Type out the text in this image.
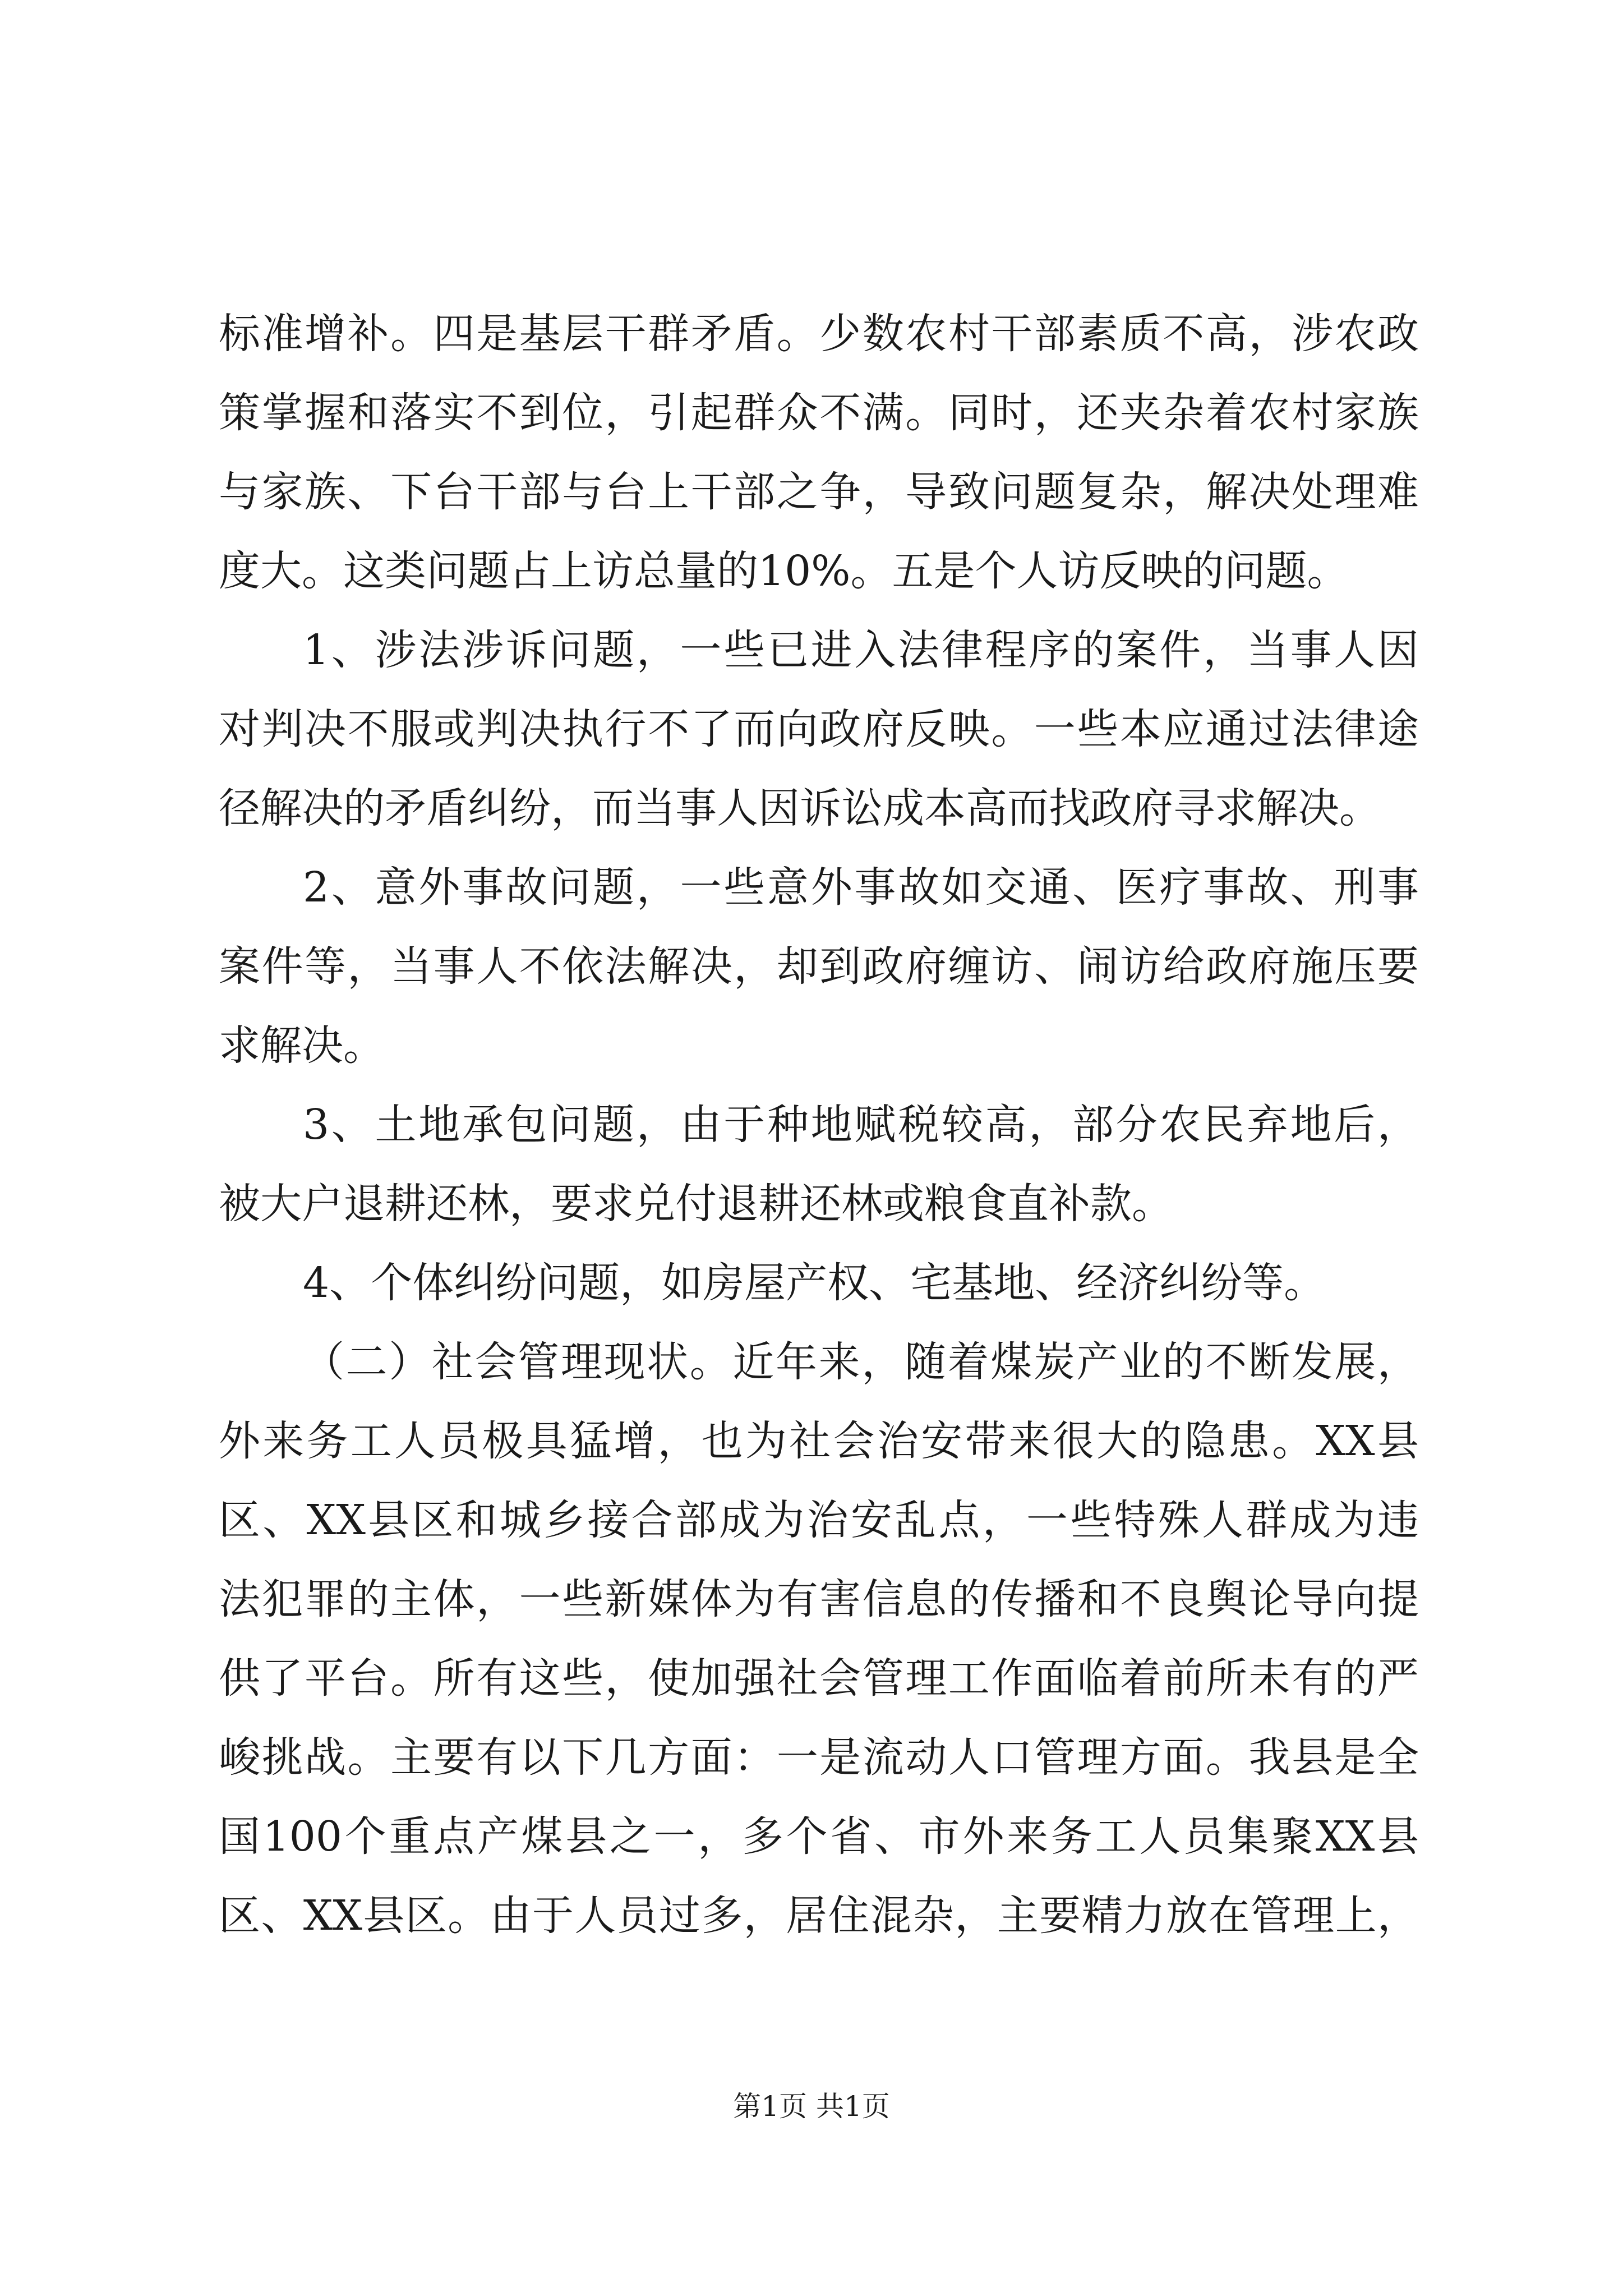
标准增补。四是基层干群矛盾。少数农村干部素质不高，涉农政
策掌握和落实不到位，引起群众不满。同时，还夹杂着农村家族
与家族、下台干部与台上干部之争，导致问题复杂，解决处理难
度大。这类问题占上访总量的10%。五是个人访反映的问题。
1、涉法涉诉问题，一些已进入法律程序的案件，当事人因
对判决不服或判决执行不了而向政府反映。一些本应通过法律途
径解决的矛盾纠纷，而当事人因诉讼成本高而找政府寻求解决。
2、意外事故问题，一些意外事故如交通、医疗事故、刑事
案件等，当事人不依法解决，却到政府缠访、闹访给政府施压要
求解决。
3、土地承包问题，由于种地赋税较高，部分农民弃地后，
被大户退耕还林，要求兑付退耕还林或粮食直补款。
4、个体纠纷问题，如房屋产权、宅基地、经济纠纷等。
（二）社会管理现状。近年来，随着煤炭产业的不断发展，
外来务工人员极具猛增，也为社会治安带来很大的隐患。XX县
区、XX县区和城乡接合部成为治安乱点，一些特殊人群成为违
法犯罪的主体，一些新媒体为有害信息的传播和不良舆论导向提
供了平台。所有这些，使加强社会管理工作面临着前所未有的严
峻挑战。主要有以下几方面：一是流动人口管理方面。我县是全
国100个重点产煤县之一，多个省、市外来务工人员集聚XX县
区、XX县区。由于人员过多，居住混杂，主要精力放在管理上，
第1页 共1页
